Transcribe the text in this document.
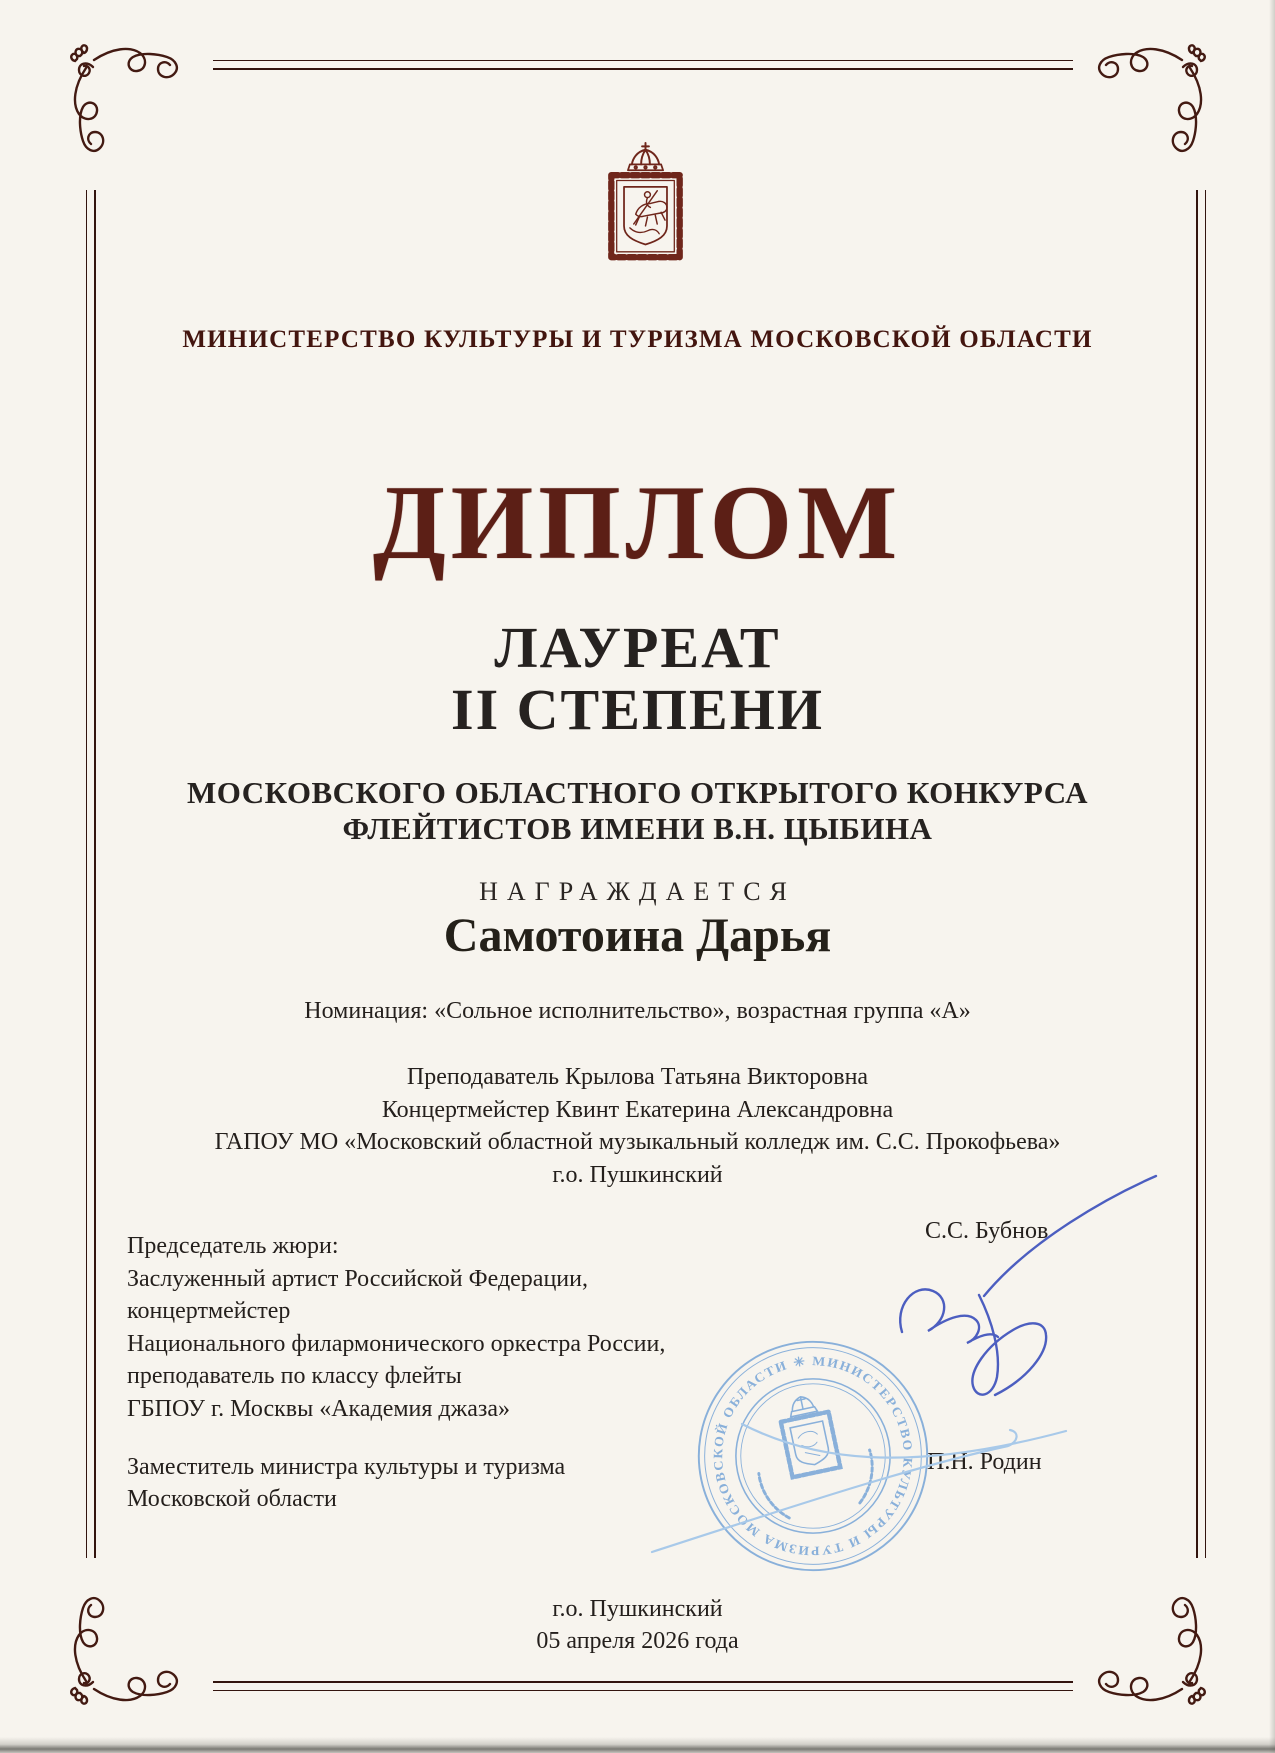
МИНИСТЕРСТВО КУЛЬТУРЫ И ТУРИЗМА МОСКОВСКОЙ ОБЛАСТИ
ДИПЛОМ
ЛАУРЕАТ
II СТЕПЕНИ
МОСКОВСКОГО ОБЛАСТНОГО ОТКРЫТОГО КОНКУРСА
ФЛЕЙТИСТОВ ИМЕНИ В.Н. ЦЫБИНА
НАГРАЖДАЕТСЯ
Самотоина Дарья
Номинация: «Сольное исполнительство», возрастная группа «А»
Преподаватель Крылова Татьяна Викторовна
Концертмейстер Квинт Екатерина Александровна
ГАПОУ МО «Московский областной музыкальный колледж им. С.С. Прокофьева»
г.о. Пушкинский
Председатель жюри:
Заслуженный артист Российской Федерации,
концертмейстер
Национального филармонического оркестра России,
преподаватель по классу флейты
ГБПОУ г. Москвы «Академия джаза»
С.С. Бубнов
Заместитель министра культуры и туризма
Московской области
П.Н. Родин
✳ МИНИСТЕРСТВО КУЛЬТУРЫ И ТУРИЗМА МОСКОВСКОЙ ОБЛАСТИ
г.о. Пушкинский
05 апреля 2026 года
